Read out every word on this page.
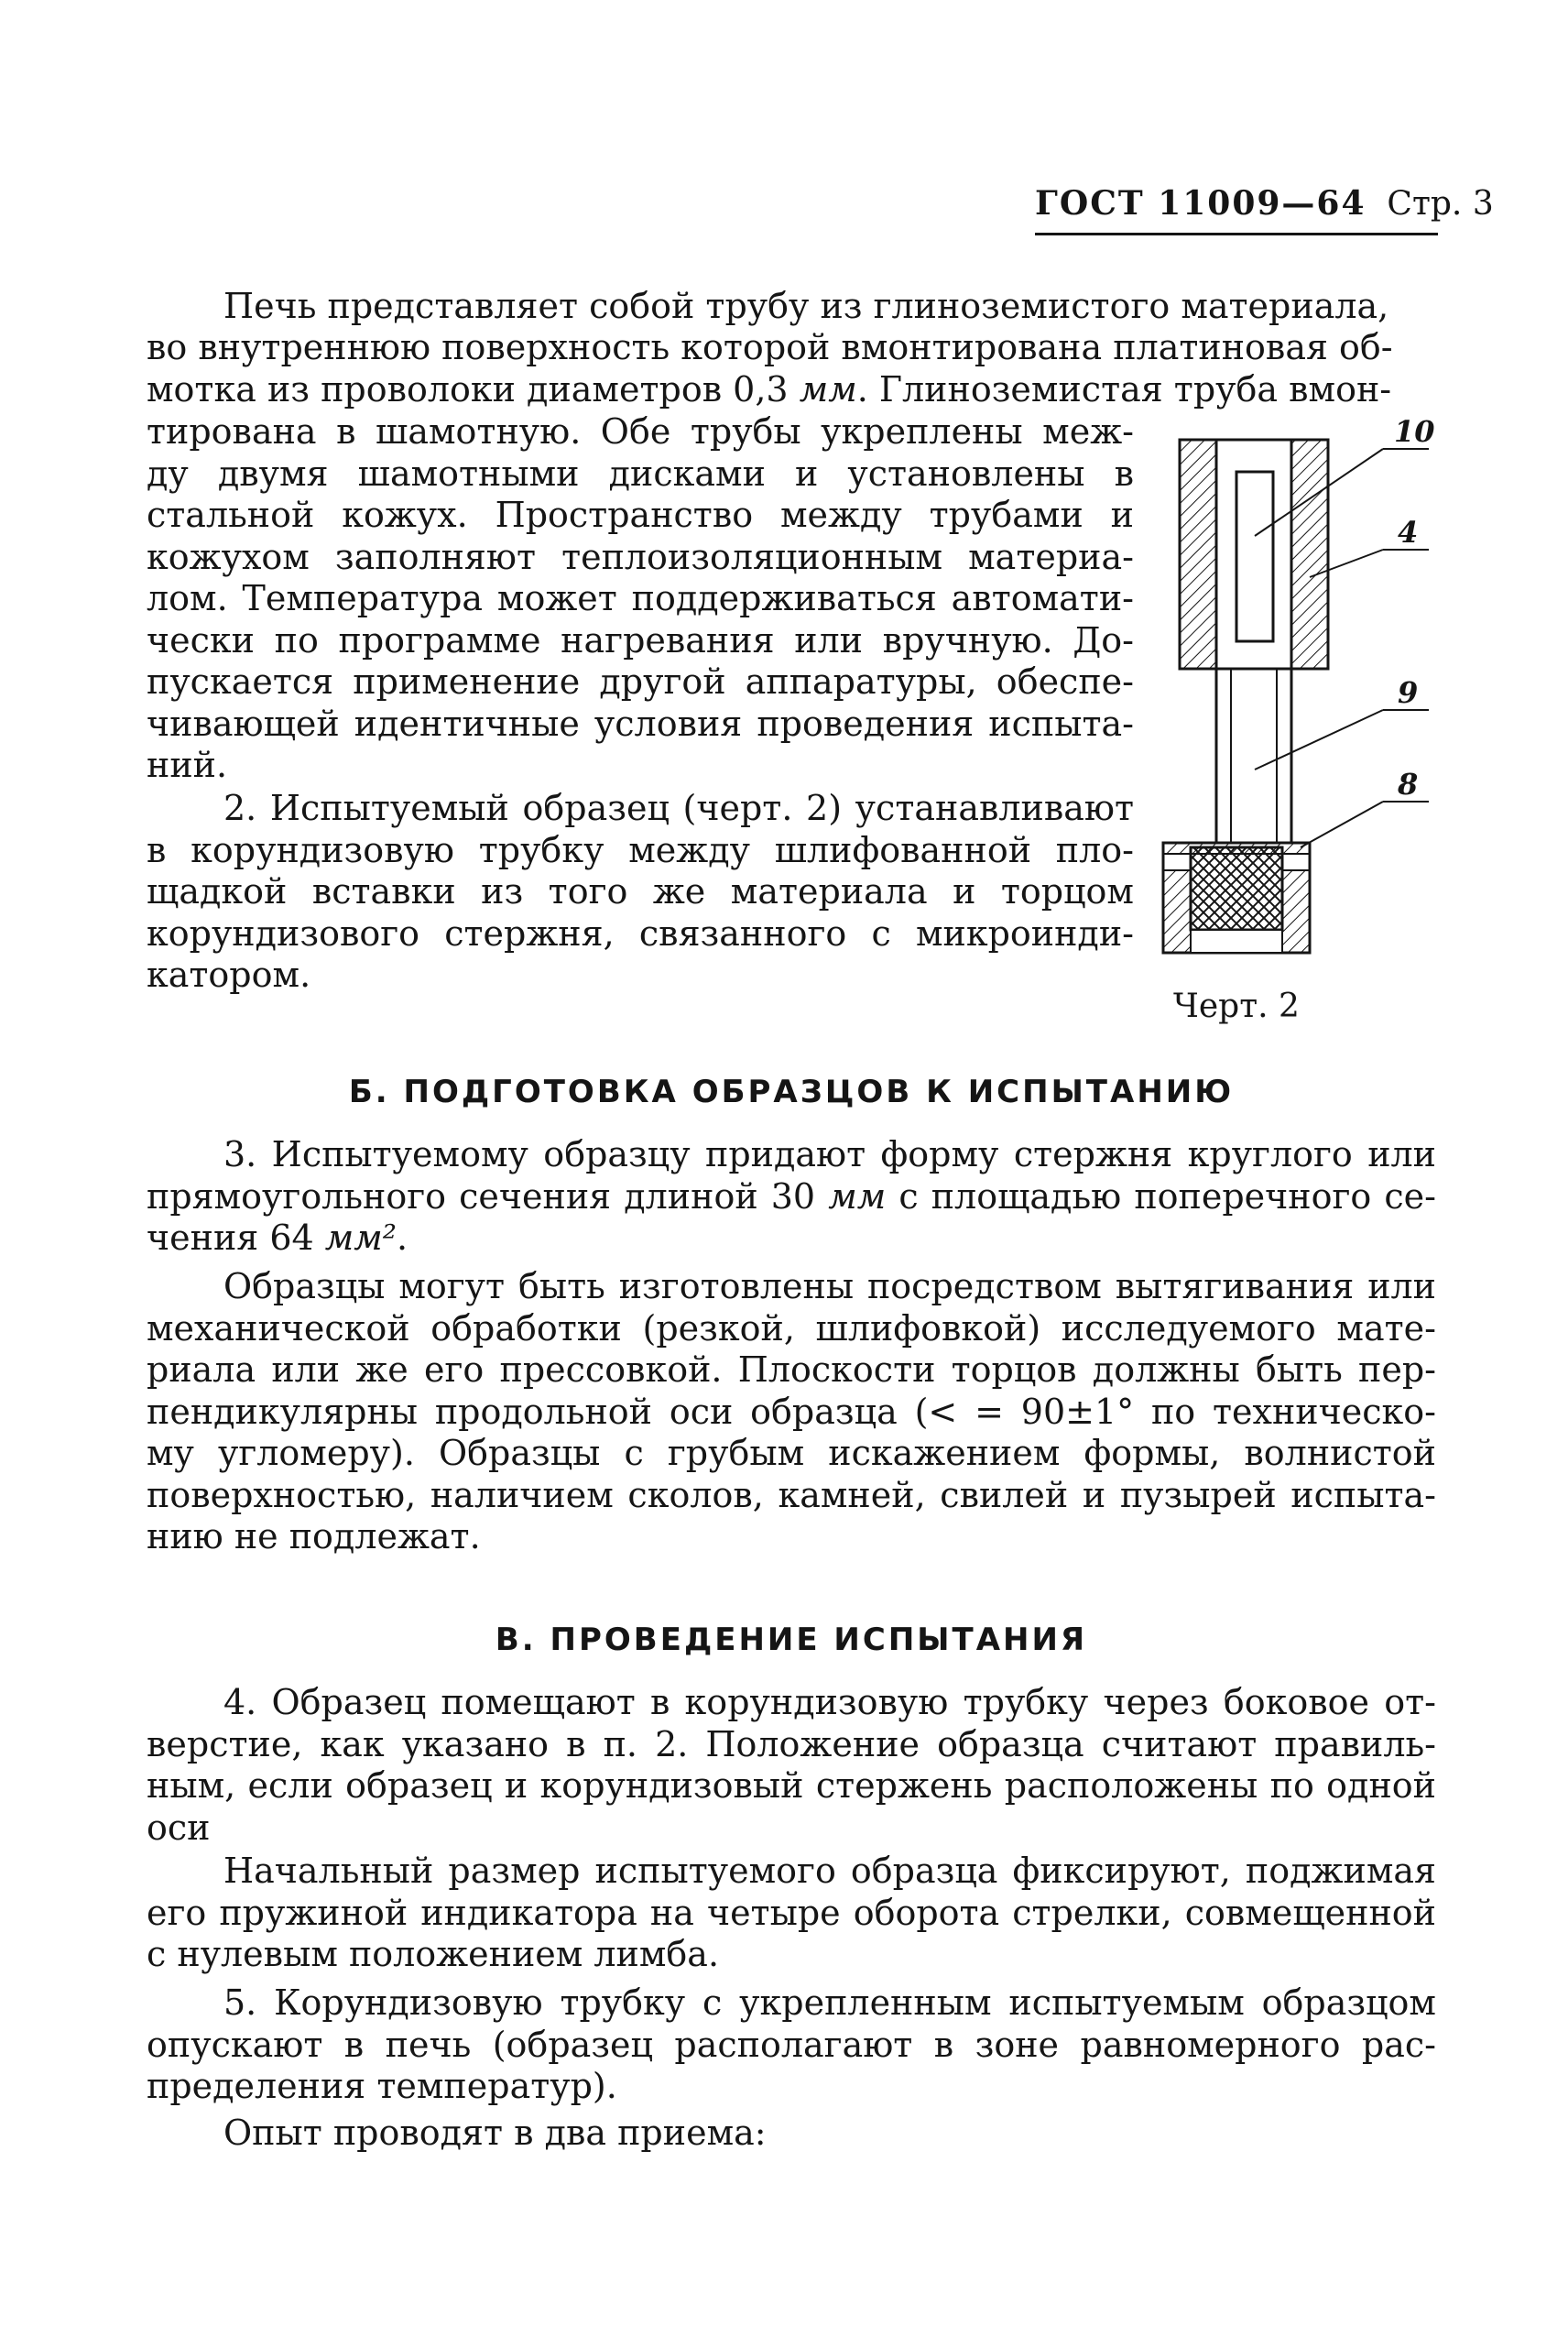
ГОСТ 11009—64 Стр. 3
Печь представляет собой трубу из глиноземистого материала,
во внутреннюю поверхность которой вмонтирована платиновая об-
мотка из проволоки диаметров 0,3 мм. Глиноземистая труба вмон-
тирована в шамотную. Обе трубы укреплены меж- ду двумя шамотными дисками и установлены в стальной кожух. Пространство между трубами и кожухом заполняют теплоизоляционным материа- лом. Температура может поддерживаться автомати- чески по программе нагревания или вручную. До- пускается применение другой аппаратуры, обеспе- чивающей идентичные условия проведения испыта- ний.
2. Испытуемый образец (черт. 2) устанавливают в корундизовую трубку между шлифованной пло- щадкой вставки из того же материала и торцом корундизового стержня, связанного с микроинди- катором.
10
4
9
8
Черт. 2
Б. ПОДГОТОВКА ОБРАЗЦОВ К ИСПЫТАНИЮ
3. Испытуемому образцу придают форму стержня круглого или прямоугольного сечения длиной 30 мм с площадью поперечного се- чения 64 мм².
Образцы могут быть изготовлены посредством вытягивания или механической обработки (резкой, шлифовкой) исследуемого мате- риала или же его прессовкой. Плоскости торцов должны быть пер- пендикулярны продольной оси образца (< = 90±1° по техническо- му угломеру). Образцы с грубым искажением формы, волнистой поверхностью, наличием сколов, камней, свилей и пузырей испыта- нию не подлежат.
В. ПРОВЕДЕНИЕ ИСПЫТАНИЯ
4. Образец помещают в корундизовую трубку через боковое от- верстие, как указано в п. 2. Положение образца считают правиль- ным, если образец и корундизовый стержень расположены по одной оси
Начальный размер испытуемого образца фиксируют, поджимая его пружиной индикатора на четыре оборота стрелки, совмещенной с нулевым положением лимба.
5. Корундизовую трубку с укрепленным испытуемым образцом опускают в печь (образец располагают в зоне равномерного рас- пределения температур).
Опыт проводят в два приема:
